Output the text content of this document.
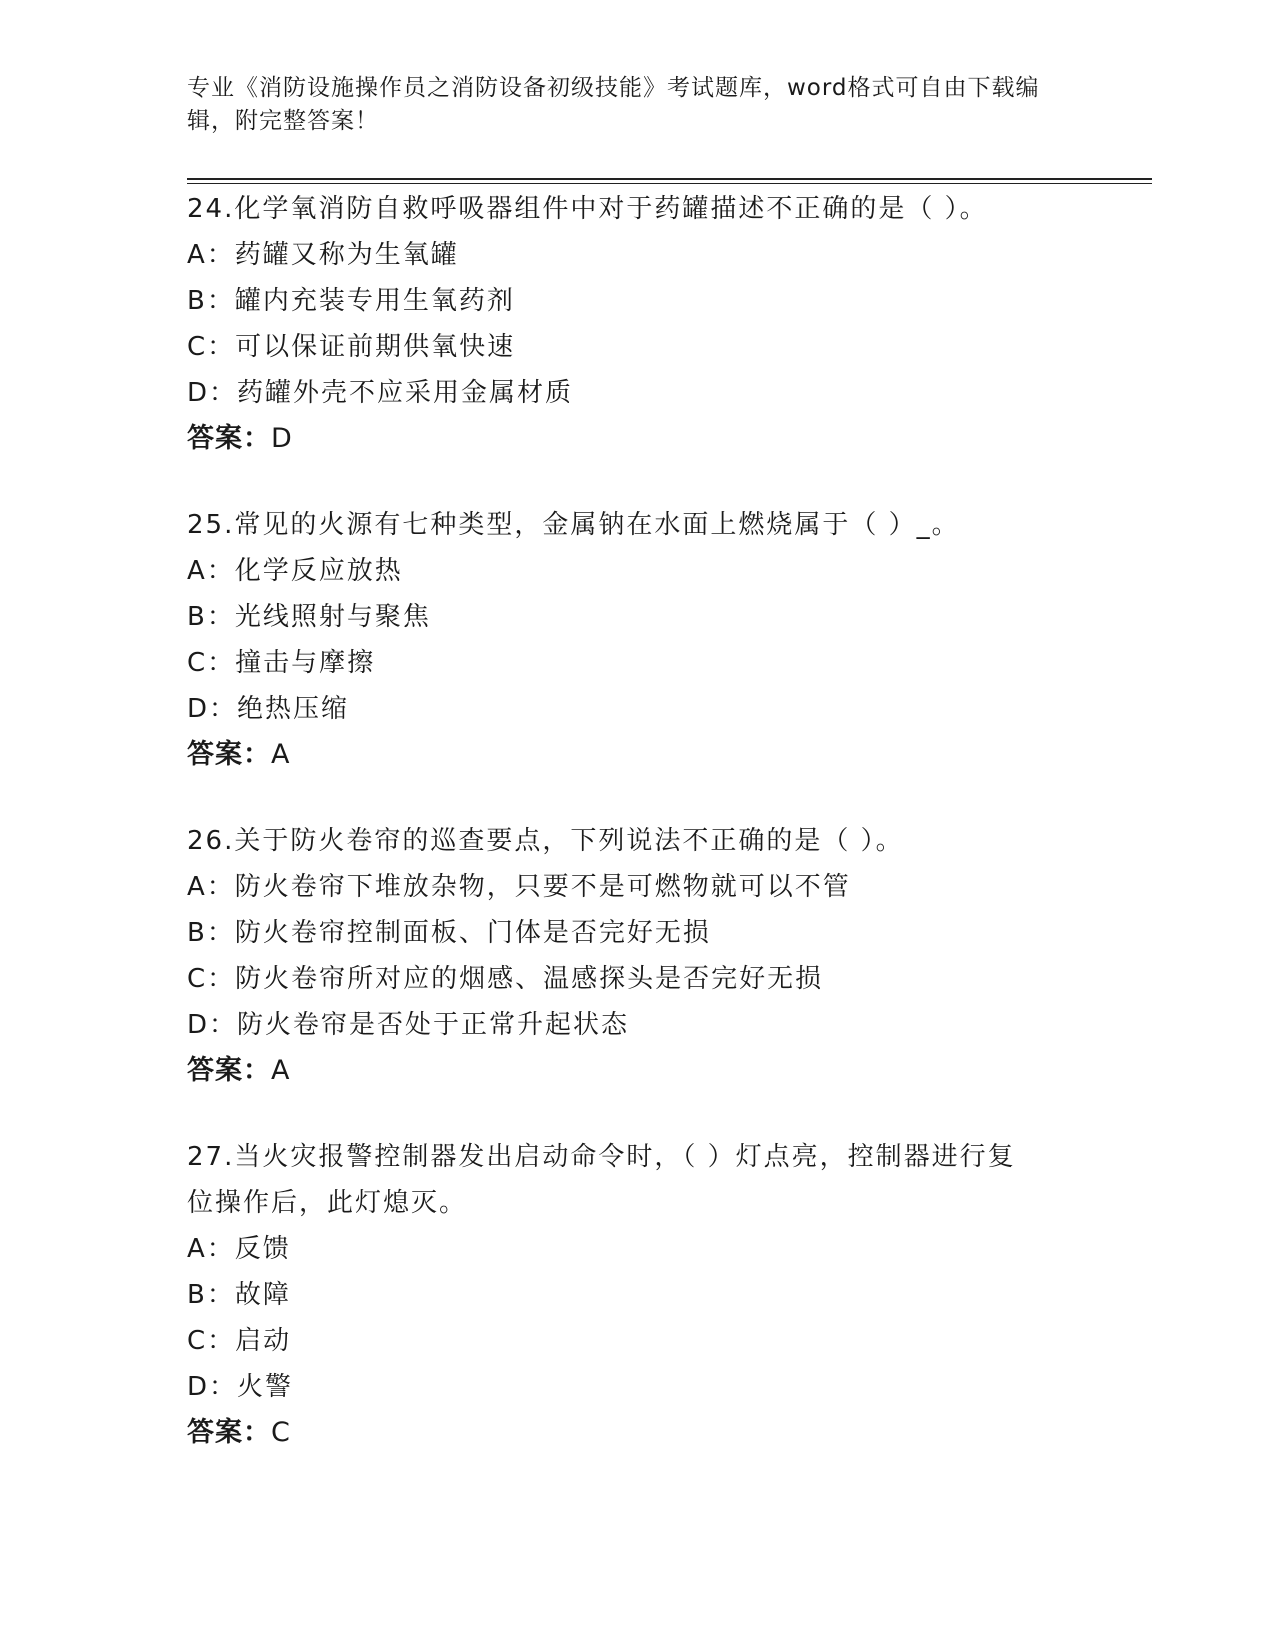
专业《消防设施操作员之消防设备初级技能》考试题库，word格式可自由下载编
辑，附完整答案！

24.化学氧消防自救呼吸器组件中对于药罐描述不正确的是（ ）。

A：药罐又称为生氧罐

B：罐内充装专用生氧药剂

C：可以保证前期供氧快速

D：药罐外壳不应采用金属材质

答案：D

25.常见的火源有七种类型，金属钠在水面上燃烧属于（ ）_。

A：化学反应放热

B：光线照射与聚焦

C：撞击与摩擦

D：绝热压缩

答案：A

26.关于防火卷帘的巡查要点，下列说法不正确的是（ ）。

A：防火卷帘下堆放杂物，只要不是可燃物就可以不管

B：防火卷帘控制面板、门体是否完好无损

C：防火卷帘所对应的烟感、温感探头是否完好无损

D：防火卷帘是否处于正常升起状态

答案：A

27.当火灾报警控制器发出启动命令时，（ ）灯点亮，控制器进行复

位操作后，此灯熄灭。

A：反馈

B：故障

C：启动

D：火警

答案：C
